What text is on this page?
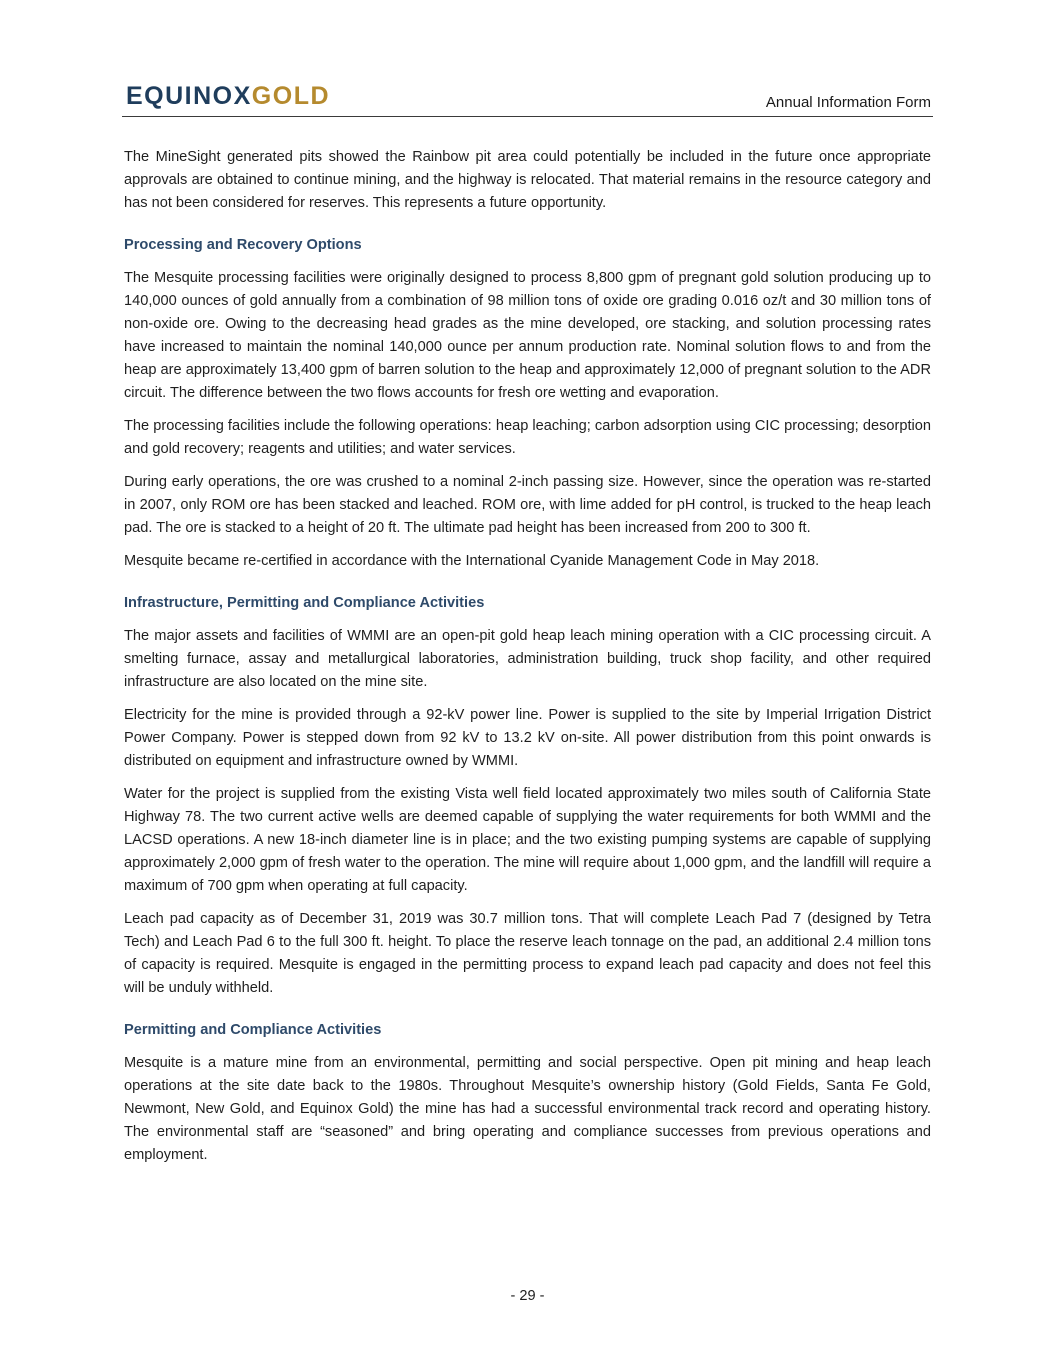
EQUINOXGOLD	Annual Information Form

The MineSight generated pits showed the Rainbow pit area could potentially be included in the future once appropriate approvals are obtained to continue mining, and the highway is relocated. That material remains in the resource category and has not been considered for reserves. This represents a future opportunity.

Processing and Recovery Options

The Mesquite processing facilities were originally designed to process 8,800 gpm of pregnant gold solution producing up to 140,000 ounces of gold annually from a combination of 98 million tons of oxide ore grading 0.016 oz/t and 30 million tons of non-oxide ore. Owing to the decreasing head grades as the mine developed, ore stacking, and solution processing rates have increased to maintain the nominal 140,000 ounce per annum production rate. Nominal solution flows to and from the heap are approximately 13,400 gpm of barren solution to the heap and approximately 12,000 of pregnant solution to the ADR circuit. The difference between the two flows accounts for fresh ore wetting and evaporation.

The processing facilities include the following operations: heap leaching; carbon adsorption using CIC processing; desorption and gold recovery; reagents and utilities; and water services.

During early operations, the ore was crushed to a nominal 2-inch passing size. However, since the operation was re-started in 2007, only ROM ore has been stacked and leached. ROM ore, with lime added for pH control, is trucked to the heap leach pad. The ore is stacked to a height of 20 ft. The ultimate pad height has been increased from 200 to 300 ft.

Mesquite became re-certified in accordance with the International Cyanide Management Code in May 2018.

Infrastructure, Permitting and Compliance Activities

The major assets and facilities of WMMI are an open-pit gold heap leach mining operation with a CIC processing circuit. A smelting furnace, assay and metallurgical laboratories, administration building, truck shop facility, and other required infrastructure are also located on the mine site.

Electricity for the mine is provided through a 92-kV power line. Power is supplied to the site by Imperial Irrigation District Power Company. Power is stepped down from 92 kV to 13.2 kV on-site. All power distribution from this point onwards is distributed on equipment and infrastructure owned by WMMI.

Water for the project is supplied from the existing Vista well field located approximately two miles south of California State Highway 78. The two current active wells are deemed capable of supplying the water requirements for both WMMI and the LACSD operations. A new 18-inch diameter line is in place; and the two existing pumping systems are capable of supplying approximately 2,000 gpm of fresh water to the operation. The mine will require about 1,000 gpm, and the landfill will require a maximum of 700 gpm when operating at full capacity.

Leach pad capacity as of December 31, 2019 was 30.7 million tons. That will complete Leach Pad 7 (designed by Tetra Tech) and Leach Pad 6 to the full 300 ft. height. To place the reserve leach tonnage on the pad, an additional 2.4 million tons of capacity is required. Mesquite is engaged in the permitting process to expand leach pad capacity and does not feel this will be unduly withheld.

Permitting and Compliance Activities

Mesquite is a mature mine from an environmental, permitting and social perspective. Open pit mining and heap leach operations at the site date back to the 1980s. Throughout Mesquite’s ownership history (Gold Fields, Santa Fe Gold, Newmont, New Gold, and Equinox Gold) the mine has had a successful environmental track record and operating history. The environmental staff are “seasoned” and bring operating and compliance successes from previous operations and employment.

- 29 -
